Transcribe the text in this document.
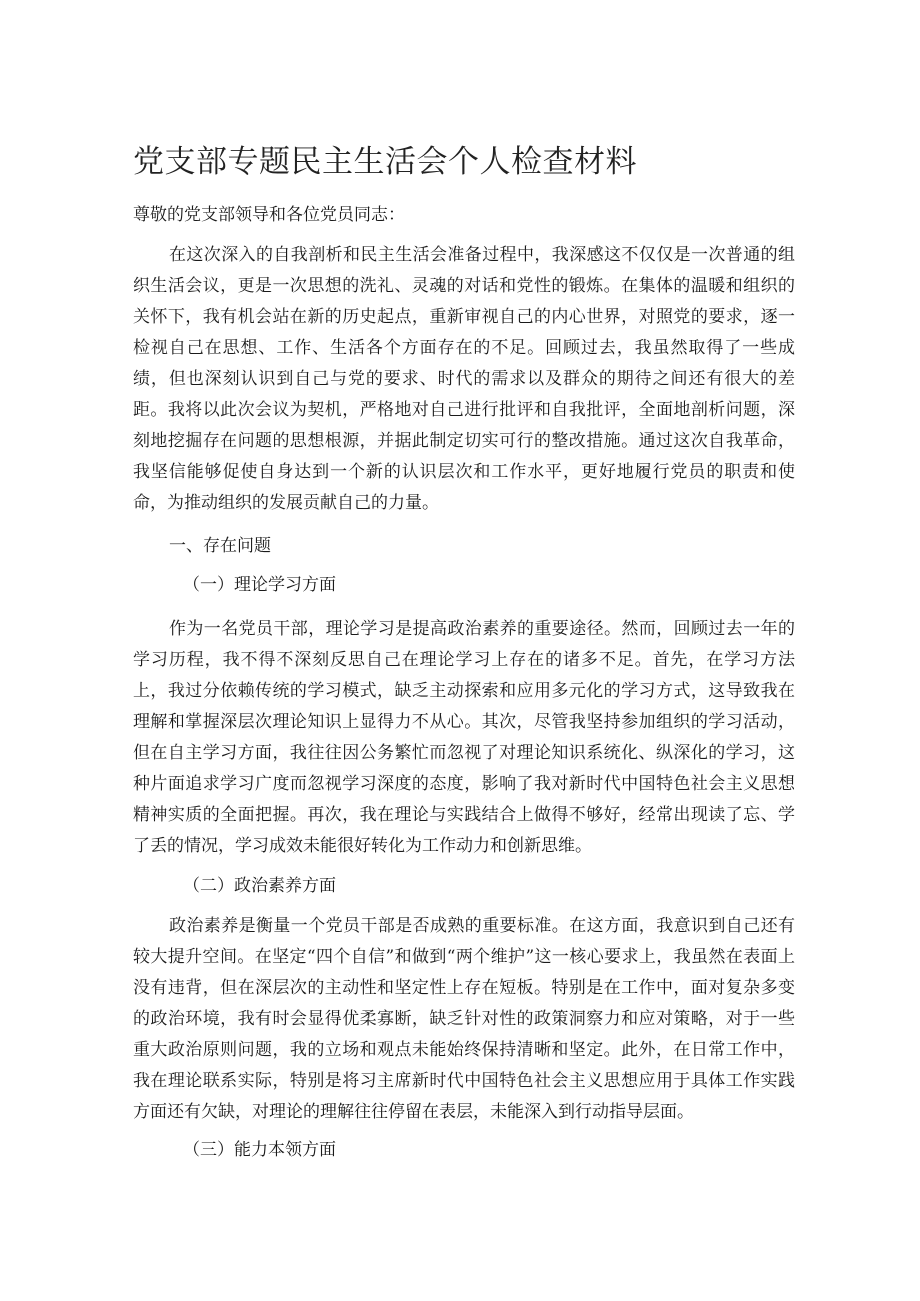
党支部专题民主生活会个人检查材料

尊敬的党支部领导和各位党员同志：

在这次深入的自我剖析和民主生活会准备过程中，我深感这不仅仅是一次普通的组织生活会议，更是一次思想的洗礼、灵魂的对话和党性的锻炼。在集体的温暖和组织的关怀下，我有机会站在新的历史起点，重新审视自己的内心世界，对照党的要求，逐一检视自己在思想、工作、生活各个方面存在的不足。回顾过去，我虽然取得了一些成绩，但也深刻认识到自己与党的要求、时代的需求以及群众的期待之间还有很大的差距。我将以此次会议为契机，严格地对自己进行批评和自我批评，全面地剖析问题，深刻地挖掘存在问题的思想根源，并据此制定切实可行的整改措施。通过这次自我革命，我坚信能够促使自身达到一个新的认识层次和工作水平，更好地履行党员的职责和使命，为推动组织的发展贡献自己的力量。

一、存在问题

（一）理论学习方面

作为一名党员干部，理论学习是提高政治素养的重要途径。然而，回顾过去一年的学习历程，我不得不深刻反思自己在理论学习上存在的诸多不足。首先，在学习方法上，我过分依赖传统的学习模式，缺乏主动探索和应用多元化的学习方式，这导致我在理解和掌握深层次理论知识上显得力不从心。其次，尽管我坚持参加组织的学习活动，但在自主学习方面，我往往因公务繁忙而忽视了对理论知识系统化、纵深化的学习，这种片面追求学习广度而忽视学习深度的态度，影响了我对新时代中国特色社会主义思想精神实质的全面把握。再次，我在理论与实践结合上做得不够好，经常出现读了忘、学了丢的情况，学习成效未能很好转化为工作动力和创新思维。

（二）政治素养方面

政治素养是衡量一个党员干部是否成熟的重要标准。在这方面，我意识到自己还有较大提升空间。在坚定“四个自信”和做到“两个维护”这一核心要求上，我虽然在表面上没有违背，但在深层次的主动性和坚定性上存在短板。特别是在工作中，面对复杂多变的政治环境，我有时会显得优柔寡断，缺乏针对性的政策洞察力和应对策略，对于一些重大政治原则问题，我的立场和观点未能始终保持清晰和坚定。此外，在日常工作中，我在理论联系实际，特别是将习主席新时代中国特色社会主义思想应用于具体工作实践方面还有欠缺，对理论的理解往往停留在表层，未能深入到行动指导层面。

（三）能力本领方面
